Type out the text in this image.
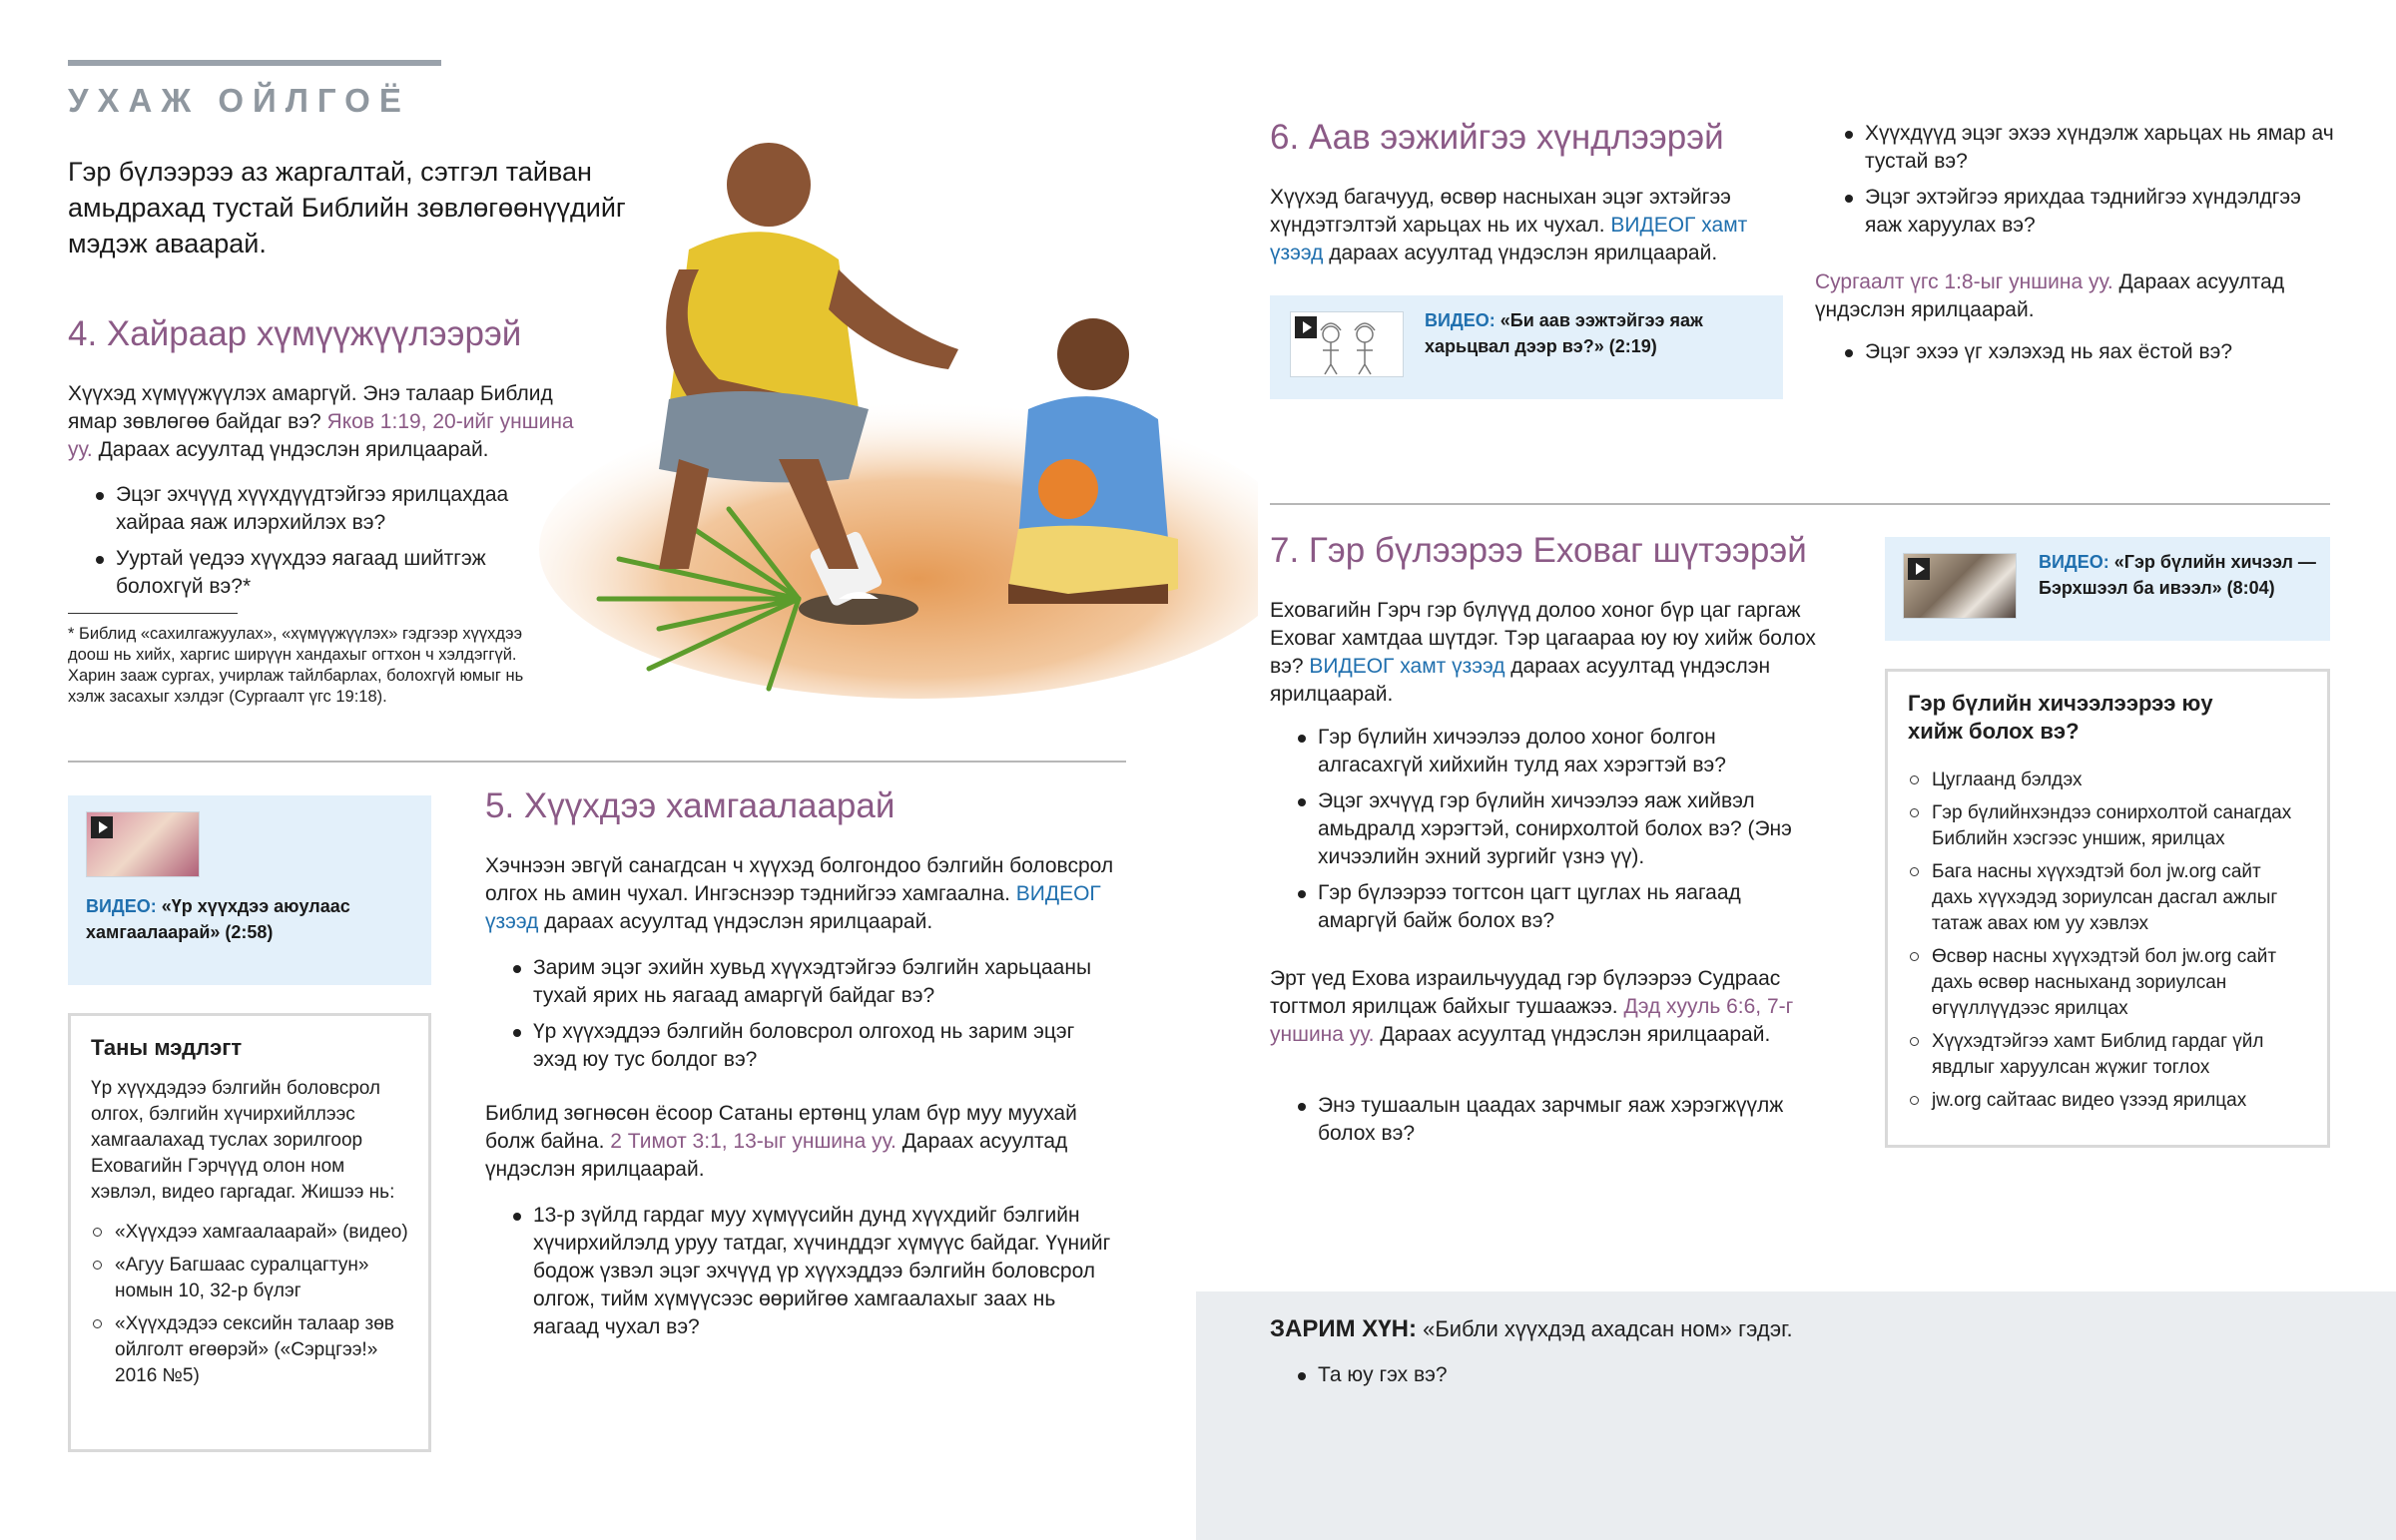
УХАЖ ОЙЛГОЁ
Гэр бүлээрээ аз жаргалтай, сэтгэл тайван амьдрахад тустай Библийн зөвлөгөөнүүдийг мэдэж аваарай.
4. Хайраар хүмүүжүүлээрэй
Хүүхэд хүмүүжүүлэх амаргүй. Энэ талаар Библид ямар зөвлөгөө байдаг вэ? Яков 1:19, 20-ийг уншина уу. Дараах асуултад үндэслэн ярилцаарай.
Эцэг эхчүүд хүүхдүүдтэйгээ ярилцахдаа хайраа яаж илэрхийлэх вэ?
Ууртай үедээ хүүхдээ яагаад шийтгэж болохгүй вэ?*
* Библид «сахилгажуулах», «хүмүүжүүлэх» гэдгээр хүүхдээ доош нь хийх, харгис ширүүн хандахыг огтхон ч хэлдэггүй. Харин зааж сургах, учирлаж тайлбарлах, болохгүй юмыг нь хэлж засахыг хэлдэг (Сургаалт үгс 19:18).
ВИДЕО: «Үр хүүхдээ аюулаас хамгаалаарай» (2:58)
Таны мэдлэгт
Үр хүүхдэдээ бэлгийн боловсрол олгох, бэлгийн хүчирхийллээс хамгаалахад туслах зорилгоор Еховагийн Гэрчүүд олон ном хэвлэл, видео гаргадаг. Жишээ нь:
«Хүүхдээ хамгаалаарай» (видео)
«Агуу Багшаас суралцагтун» номын 10, 32-р бүлэг
«Хүүхдэдээ сексийн талаар зөв ойлголт өгөөрэй» («Сэрцгээ!» 2016 №5)
5. Хүүхдээ хамгаалаарай
Хэчнээн эвгүй санагдсан ч хүүхэд болгондоо бэлгийн боловсрол олгох нь амин чухал. Ингэснээр тэднийгээ хамгаална. ВИДЕОГ үзээд дараах асуултад үндэслэн ярилцаарай.
Зарим эцэг эхийн хувьд хүүхэдтэйгээ бэлгийн харьцааны тухай ярих нь яагаад амаргүй байдаг вэ?
Үр хүүхэддээ бэлгийн боловсрол олгоход нь зарим эцэг эхэд юу тус болдог вэ?
Библид зөгнөсөн ёсоор Сатаны ертөнц улам бүр муу муухай болж байна. 2 Тимот 3:1, 13-ыг уншина уу. Дараах асуултад үндэслэн ярилцаарай.
13-р зүйлд гардаг муу хүмүүсийн дунд хүүхдийг бэлгийн хүчирхийлэлд уруу татдаг, хүчинддэг хүмүүс байдаг. Үүнийг бодож үзвэл эцэг эхчүүд үр хүүхэддээ бэлгийн боловсрол олгож, тийм хүмүүсээс өөрийгөө хамгаалахыг заах нь яагаад чухал вэ?
6. Аав ээжийгээ хүндлээрэй
Хүүхэд багачууд, өсвөр насныхан эцэг эхтэйгээ хүндэтгэлтэй харьцах нь их чухал. ВИДЕОГ хамт үзээд дараах асуултад үндэслэн ярилцаарай.
ВИДЕО: «Би аав ээжтэйгээ яаж харьцвал дээр вэ?» (2:19)
Хүүхдүүд эцэг эхээ хүндэлж харьцах нь ямар ач тустай вэ?
Эцэг эхтэйгээ ярихдаа тэднийгээ хүндэлдгээ яаж харуулах вэ?
Сургаалт үгс 1:8-ыг уншина уу. Дараах асуултад үндэслэн ярилцаарай.
Эцэг эхээ үг хэлэхэд нь яах ёстой вэ?
7. Гэр бүлээрээ Еховаг шүтээрэй
Еховагийн Гэрч гэр бүлүүд долоо хоног бүр цаг гаргаж Еховаг хамтдаа шүтдэг. Тэр цагаараа юу юу хийж болох вэ? ВИДЕОГ хамт үзээд дараах асуултад үндэслэн ярилцаарай.
Гэр бүлийн хичээлээ долоо хоног болгон алгасахгүй хийхийн тулд яах хэрэгтэй вэ?
Эцэг эхчүүд гэр бүлийн хичээлээ яаж хийвэл амьдралд хэрэгтэй, сонирхолтой болох вэ? (Энэ хичээлийн эхний зургийг үзнэ үү).
Гэр бүлээрээ тогтсон цагт цуглах нь яагаад амаргүй байж болох вэ?
Эрт үед Ехова израильчуудад гэр бүлээрээ Судраас тогтмол ярилцаж байхыг тушаажээ. Дэд хууль 6:6, 7-г уншина уу. Дараах асуултад үндэслэн ярилцаарай.
Энэ тушаалын цаадах зарчмыг яаж хэрэгжүүлж болох вэ?
ВИДЕО: «Гэр бүлийн хичээл —Бэрхшээл ба ивээл» (8:04)
Гэр бүлийн хичээлээрээ юу хийж болох вэ?
Цуглаанд бэлдэх
Гэр бүлийнхэндээ сонирхолтой санагдах Библийн хэсгээс уншиж, ярилцах
Бага насны хүүхэдтэй бол jw.org сайт дахь хүүхэдэд зориулсан дасгал ажлыг татаж авах юм уу хэвлэх
Өсвөр насны хүүхэдтэй бол jw.org сайт дахь өсвөр насныханд зориулсан өгүүллүүдээс ярилцах
Хүүхэдтэйгээ хамт Библид гардаг үйл явдлыг харуулсан жүжиг тоглох
jw.org сайтаас видео үзээд ярилцах
ЗАРИМ ХҮН: «Библи хүүхдэд ахадсан ном» гэдэг.
Та юу гэх вэ?
